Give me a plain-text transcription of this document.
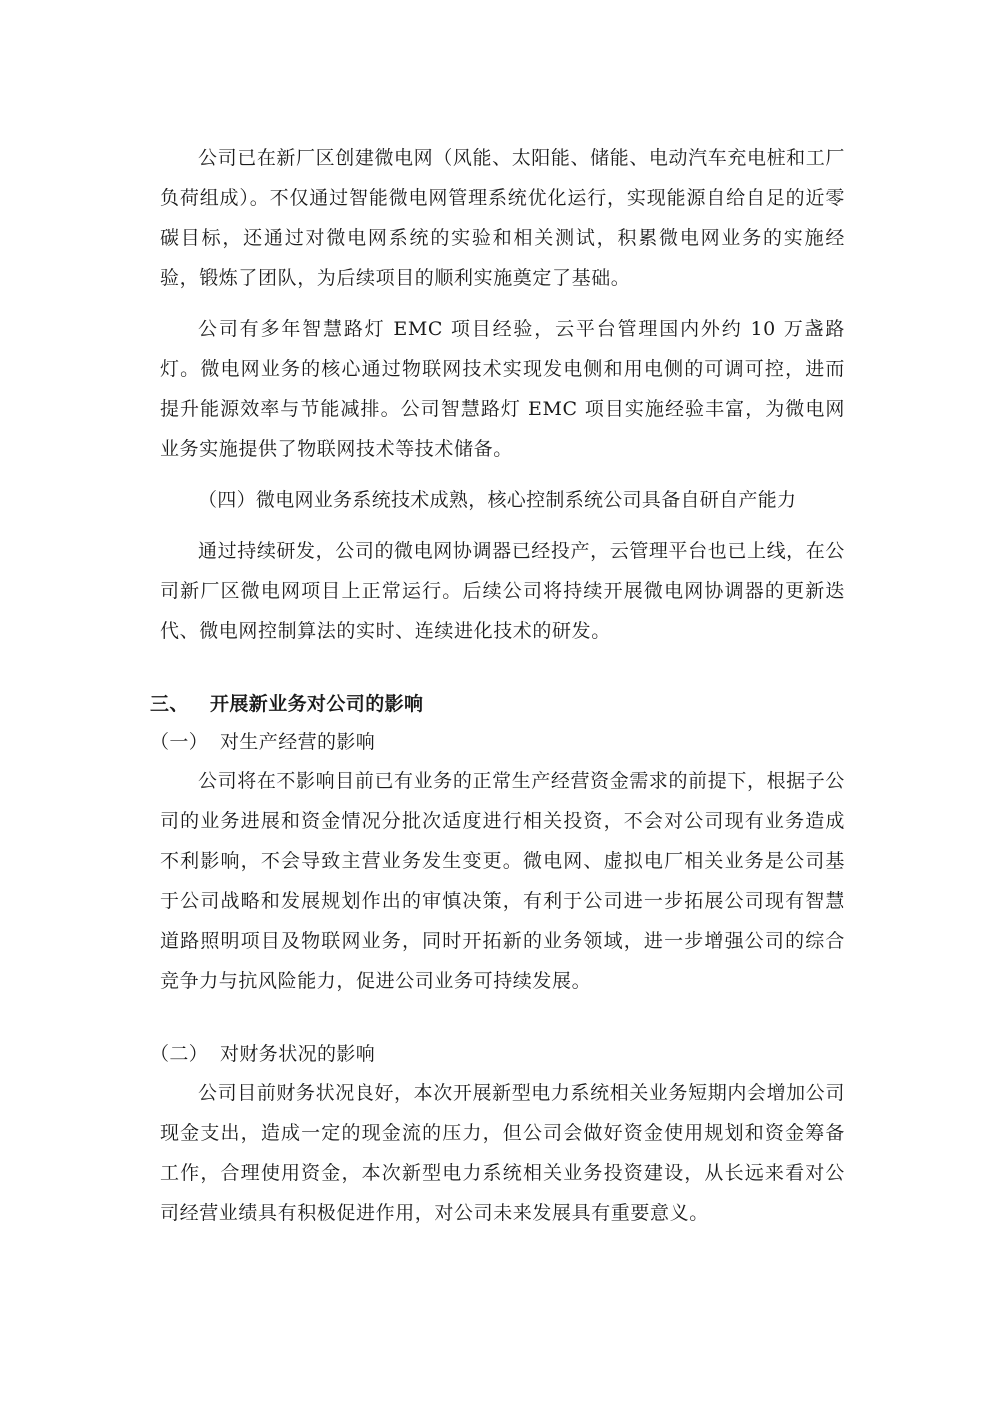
公司已在新厂区创建微电网（风能、太阳能、储能、电动汽车充电桩和工厂负荷组成）。不仅通过智能微电网管理系统优化运行，实现能源自给自足的近零碳目标，还通过对微电网系统的实验和相关测试，积累微电网业务的实施经验，锻炼了团队，为后续项目的顺利实施奠定了基础。

公司有多年智慧路灯 EMC 项目经验，云平台管理国内外约 10 万盏路灯。微电网业务的核心通过物联网技术实现发电侧和用电侧的可调可控，进而提升能源效率与节能减排。公司智慧路灯 EMC 项目实施经验丰富，为微电网业务实施提供了物联网技术等技术储备。

（四）微电网业务系统技术成熟，核心控制系统公司具备自研自产能力

通过持续研发，公司的微电网协调器已经投产，云管理平台也已上线，在公司新厂区微电网项目上正常运行。后续公司将持续开展微电网协调器的更新迭代、微电网控制算法的实时、连续进化技术的研发。

三、	开展新业务对公司的影响
（一） 对生产经营的影响

公司将在不影响目前已有业务的正常生产经营资金需求的前提下，根据子公司的业务进展和资金情况分批次适度进行相关投资，不会对公司现有业务造成不利影响，不会导致主营业务发生变更。微电网、虚拟电厂相关业务是公司基于公司战略和发展规划作出的审慎决策，有利于公司进一步拓展公司现有智慧道路照明项目及物联网业务，同时开拓新的业务领域，进一步增强公司的综合竞争力与抗风险能力，促进公司业务可持续发展。

（二） 对财务状况的影响

公司目前财务状况良好，本次开展新型电力系统相关业务短期内会增加公司现金支出，造成一定的现金流的压力，但公司会做好资金使用规划和资金筹备工作，合理使用资金，本次新型电力系统相关业务投资建设，从长远来看对公司经营业绩具有积极促进作用，对公司未来发展具有重要意义。
